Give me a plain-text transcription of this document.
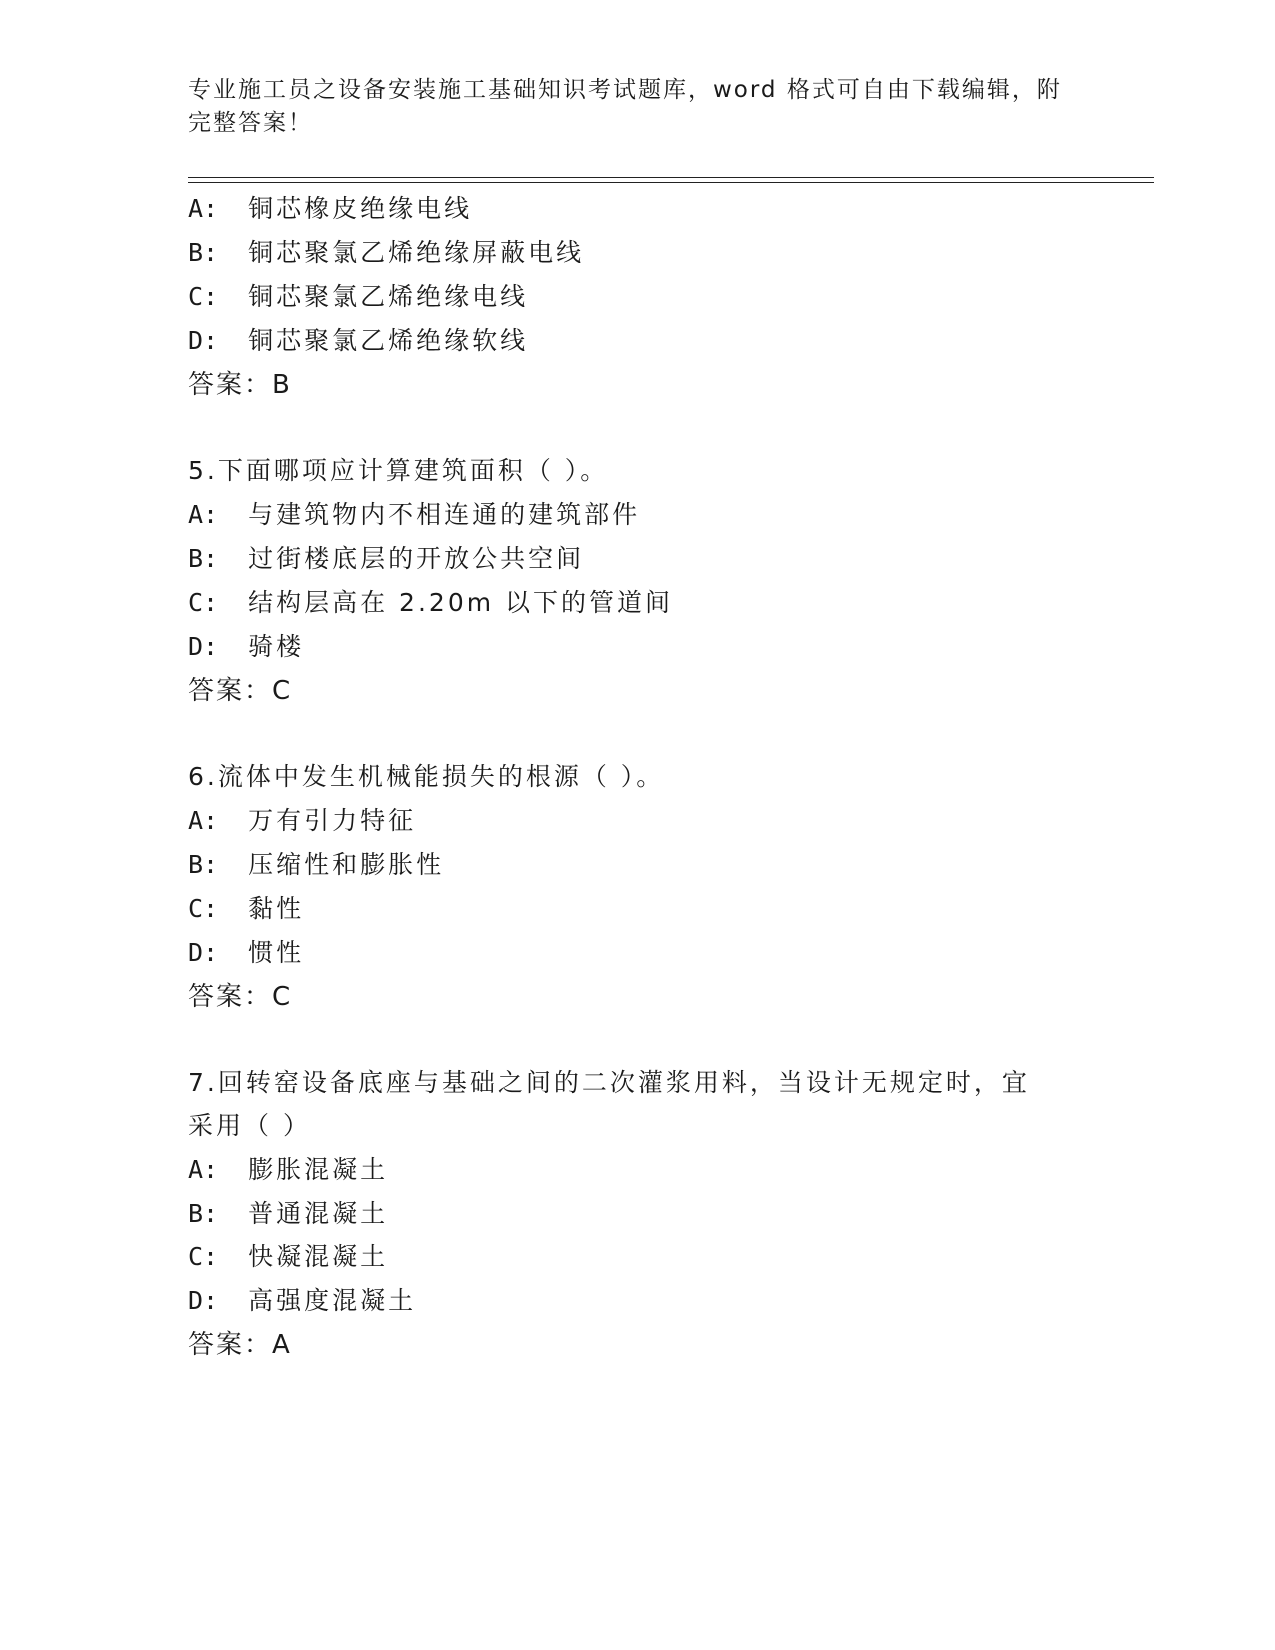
专业施工员之设备安装施工基础知识考试题库，word 格式可自由下载编辑，附完整答案！
A: 铜芯橡皮绝缘电线
B: 铜芯聚氯乙烯绝缘屏蔽电线
C: 铜芯聚氯乙烯绝缘电线
D: 铜芯聚氯乙烯绝缘软线
答案：B
5.下面哪项应计算建筑面积（ ）。
A: 与建筑物内不相连通的建筑部件
B: 过街楼底层的开放公共空间
C: 结构层高在 2.20m 以下的管道间
D: 骑楼
答案：C
6.流体中发生机械能损失的根源（ ）。
A: 万有引力特征
B: 压缩性和膨胀性
C: 黏性
D: 惯性
答案：C
7.回转窑设备底座与基础之间的二次灌浆用料，当设计无规定时，宜
采用（ ）
A: 膨胀混凝土
B: 普通混凝土
C: 快凝混凝土
D: 高强度混凝土
答案：A
